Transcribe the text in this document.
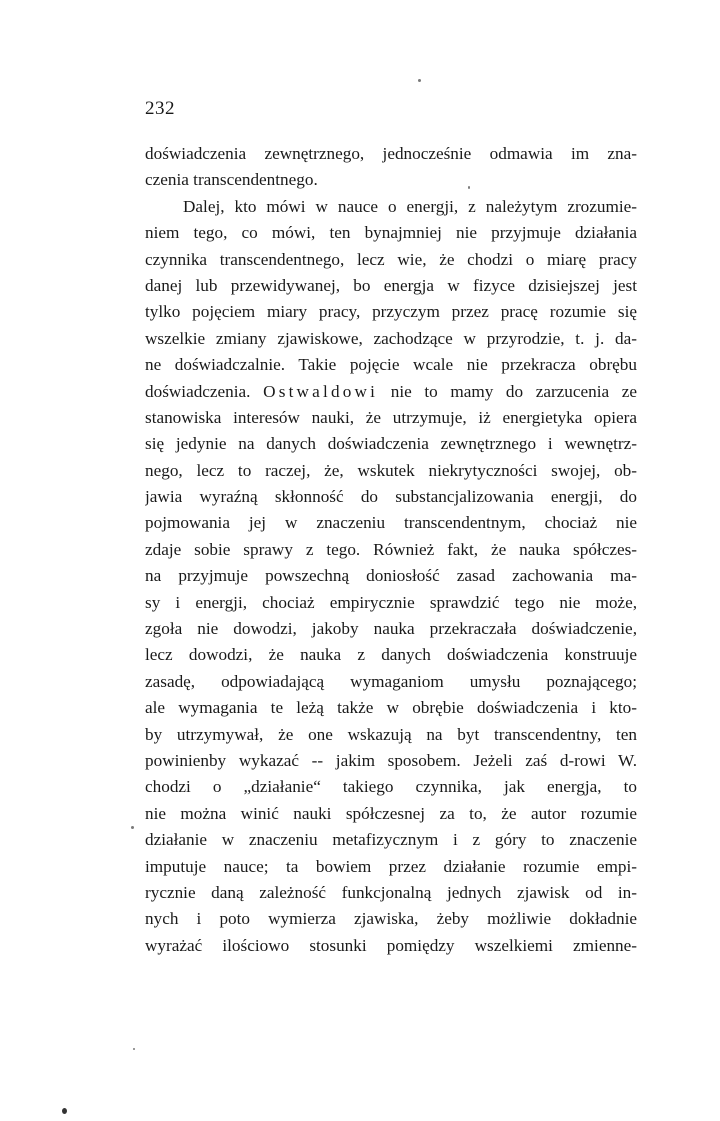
232
doświadczenia zewnętrznego, jednocześnie odmawia im zna-
czenia transcendentnego.
Dalej, kto mówi w nauce o energji, z należytym zrozumie-
niem tego, co mówi, ten bynajmniej nie przyjmuje działania
czynnika transcendentnego, lecz wie, że chodzi o miarę pracy
danej lub przewidywanej, bo energja w fizyce dzisiejszej jest
tylko pojęciem miary pracy, przyczym przez pracę rozumie się
wszelkie zmiany zjawiskowe, zachodzące w przyrodzie, t. j. da-
ne doświadczalnie. Takie pojęcie wcale nie przekracza obrębu
doświadczenia. Ostwaldowi nie to mamy do zarzucenia ze
stanowiska interesów nauki, że utrzymuje, iż energietyka opiera
się jedynie na danych doświadczenia zewnętrznego i wewnętrz-
nego, lecz to raczej, że, wskutek niekrytyczności swojej, ob-
jawia wyraźną skłonność do substancjalizowania energji, do
pojmowania jej w znaczeniu transcendentnym, chociaż nie
zdaje sobie sprawy z tego. Również fakt, że nauka spółczes-
na przyjmuje powszechną doniosłość zasad zachowania ma-
sy i energji, chociaż empirycznie sprawdzić tego nie może,
zgoła nie dowodzi, jakoby nauka przekraczała doświadczenie,
lecz dowodzi, że nauka z danych doświadczenia konstruuje
zasadę, odpowiadającą wymaganiom umysłu poznającego;
ale wymagania te leżą także w obrębie doświadczenia i kto-
by utrzymywał, że one wskazują na byt transcendentny, ten
powinienby wykazać -- jakim sposobem. Jeżeli zaś d-rowi W.
chodzi o „działanie“ takiego czynnika, jak energja, to
nie można winić nauki spółczesnej za to, że autor rozumie
działanie w znaczeniu metafizycznym i z góry to znaczenie
imputuje nauce; ta bowiem przez działanie rozumie empi-
rycznie daną zależność funkcjonalną jednych zjawisk od in-
nych i poto wymierza zjawiska, żeby możliwie dokładnie
wyrażać ilościowo stosunki pomiędzy wszelkiemi zmienne-
